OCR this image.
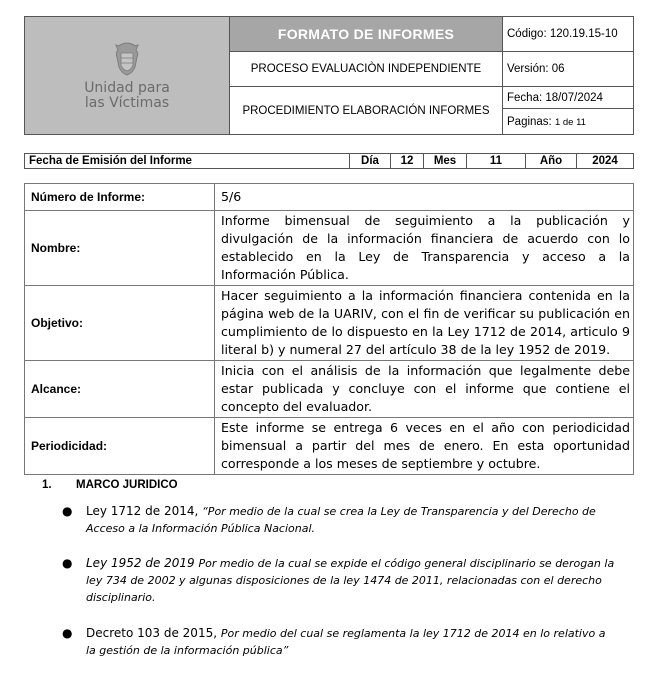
Unidad para
las Víctimas	FORMATO DE INFORMES	Código: 120.19.15-10
	PROCESO EVALUACIÒN INDEPENDIENTE	Versión: 06
	PROCEDIMIENTO ELABORACIÓN INFORMES	Fecha: 18/07/2024
		Paginas: 1 de 11
Fecha de Emisión del Informe	Día	12	Mes	11	Año	2024
Número de Informe:	5/6
Nombre:	Informe bimensual de seguimiento a la publicación y divulgación de la información financiera de acuerdo con lo establecido en la Ley de Transparencia y acceso a la Información Pública.
Objetivo:	Hacer seguimiento a la información financiera contenida en la página web de la UARIV, con el fin de verificar su publicación en cumplimiento de lo dispuesto en la Ley 1712 de 2014, articulo 9 literal b) y numeral 27 del artículo 38 de la ley 1952 de 2019.
Alcance:	Inicia con el análisis de la información que legalmente debe estar publicada y concluye con el informe que contiene el concepto del evaluador.
Periodicidad:	Este informe se entrega 6 veces en el año con periodicidad bimensual a partir del mes de enero. En esta oportunidad corresponde a los meses de septiembre y octubre.
1. MARCO JURIDICO
● Ley 1712 de 2014, “Por medio de la cual se crea la Ley de Transparencia y del Derecho de Acceso a la Información Pública Nacional.
● Ley 1952 de 2019 Por medio de la cual se expide el código general disciplinario se derogan la ley 734 de 2002 y algunas disposiciones de la ley 1474 de 2011, relacionadas con el derecho disciplinario.
● Decreto 103 de 2015, Por medio del cual se reglamenta la ley 1712 de 2014 en lo relativo a la gestión de la información pública”
